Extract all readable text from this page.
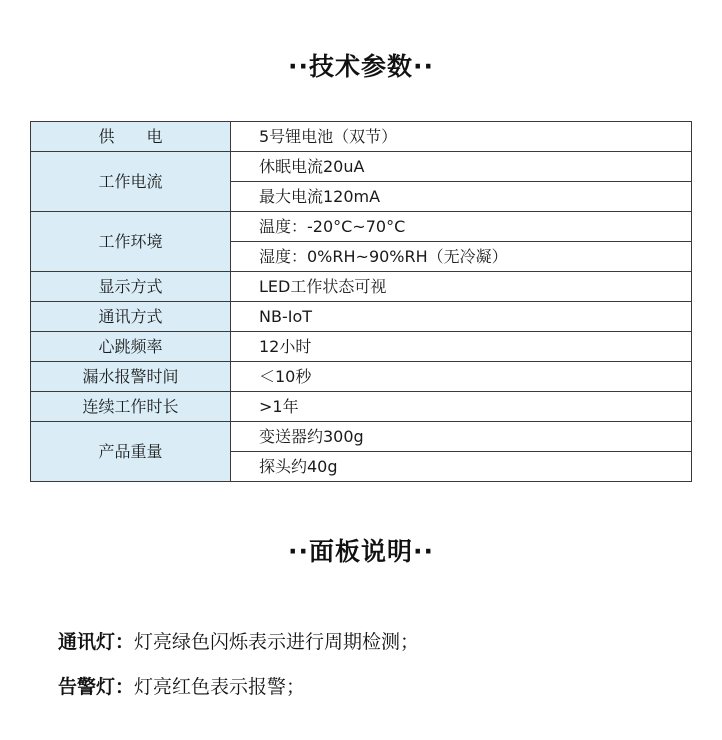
··技术参数··
供　　电	5号锂电池（双节）
工作电流	休眠电流20uA
	最大电流120mA
工作环境	温度：-20°C~70°C
	湿度：0%RH~90%RH（无冷凝）
显示方式	LED工作状态可视
通讯方式	NB-IoT
心跳频率	12小时
漏水报警时间	＜10秒
连续工作时长	>1年
产品重量	变送器约300g
	探头约40g
··面板说明··
通讯灯：灯亮绿色闪烁表示进行周期检测；
告警灯：灯亮红色表示报警；
